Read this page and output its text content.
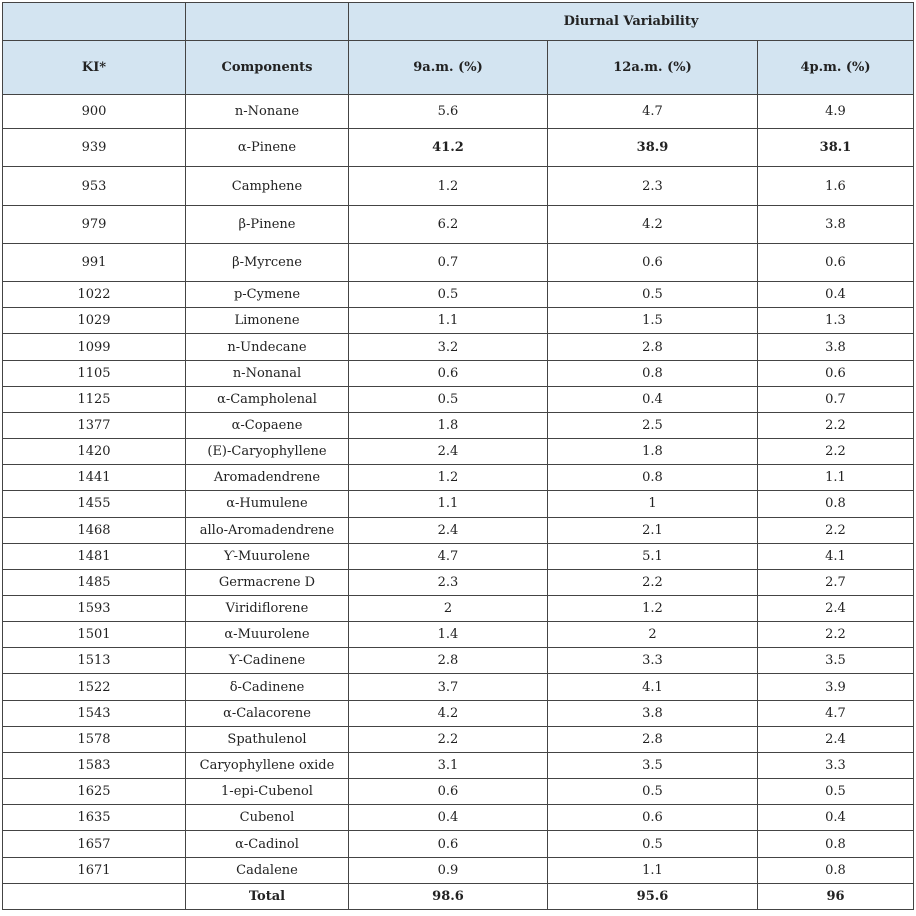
		Diurnal Variability		
KI*	Components	9a.m. (%)	12a.m. (%)	4p.m. (%)
900	n-Nonane	5.6	4.7	4.9
939	α-Pinene	41.2	38.9	38.1
953	Camphene	1.2	2.3	1.6
979	β-Pinene	6.2	4.2	3.8
991	β-Myrcene	0.7	0.6	0.6
1022	p-Cymene	0.5	0.5	0.4
1029	Limonene	1.1	1.5	1.3
1099	n-Undecane	3.2	2.8	3.8
1105	n-Nonanal	0.6	0.8	0.6
1125	α-Campholenal	0.5	0.4	0.7
1377	α-Copaene	1.8	2.5	2.2
1420	(E)-Caryophyllene	2.4	1.8	2.2
1441	Aromadendrene	1.2	0.8	1.1
1455	α-Humulene	1.1	1	0.8
1468	allo-Aromadendrene	2.4	2.1	2.2
1481	Ƴ-Muurolene	4.7	5.1	4.1
1485	Germacrene D	2.3	2.2	2.7
1593	Viridiflorene	2	1.2	2.4
1501	α-Muurolene	1.4	2	2.2
1513	Ƴ-Cadinene	2.8	3.3	3.5
1522	δ-Cadinene	3.7	4.1	3.9
1543	α-Calacorene	4.2	3.8	4.7
1578	Spathulenol	2.2	2.8	2.4
1583	Caryophyllene oxide	3.1	3.5	3.3
1625	1-epi-Cubenol	0.6	0.5	0.5
1635	Cubenol	0.4	0.6	0.4
1657	α-Cadinol	0.6	0.5	0.8
1671	Cadalene	0.9	1.1	0.8
	Total	98.6	95.6	96
